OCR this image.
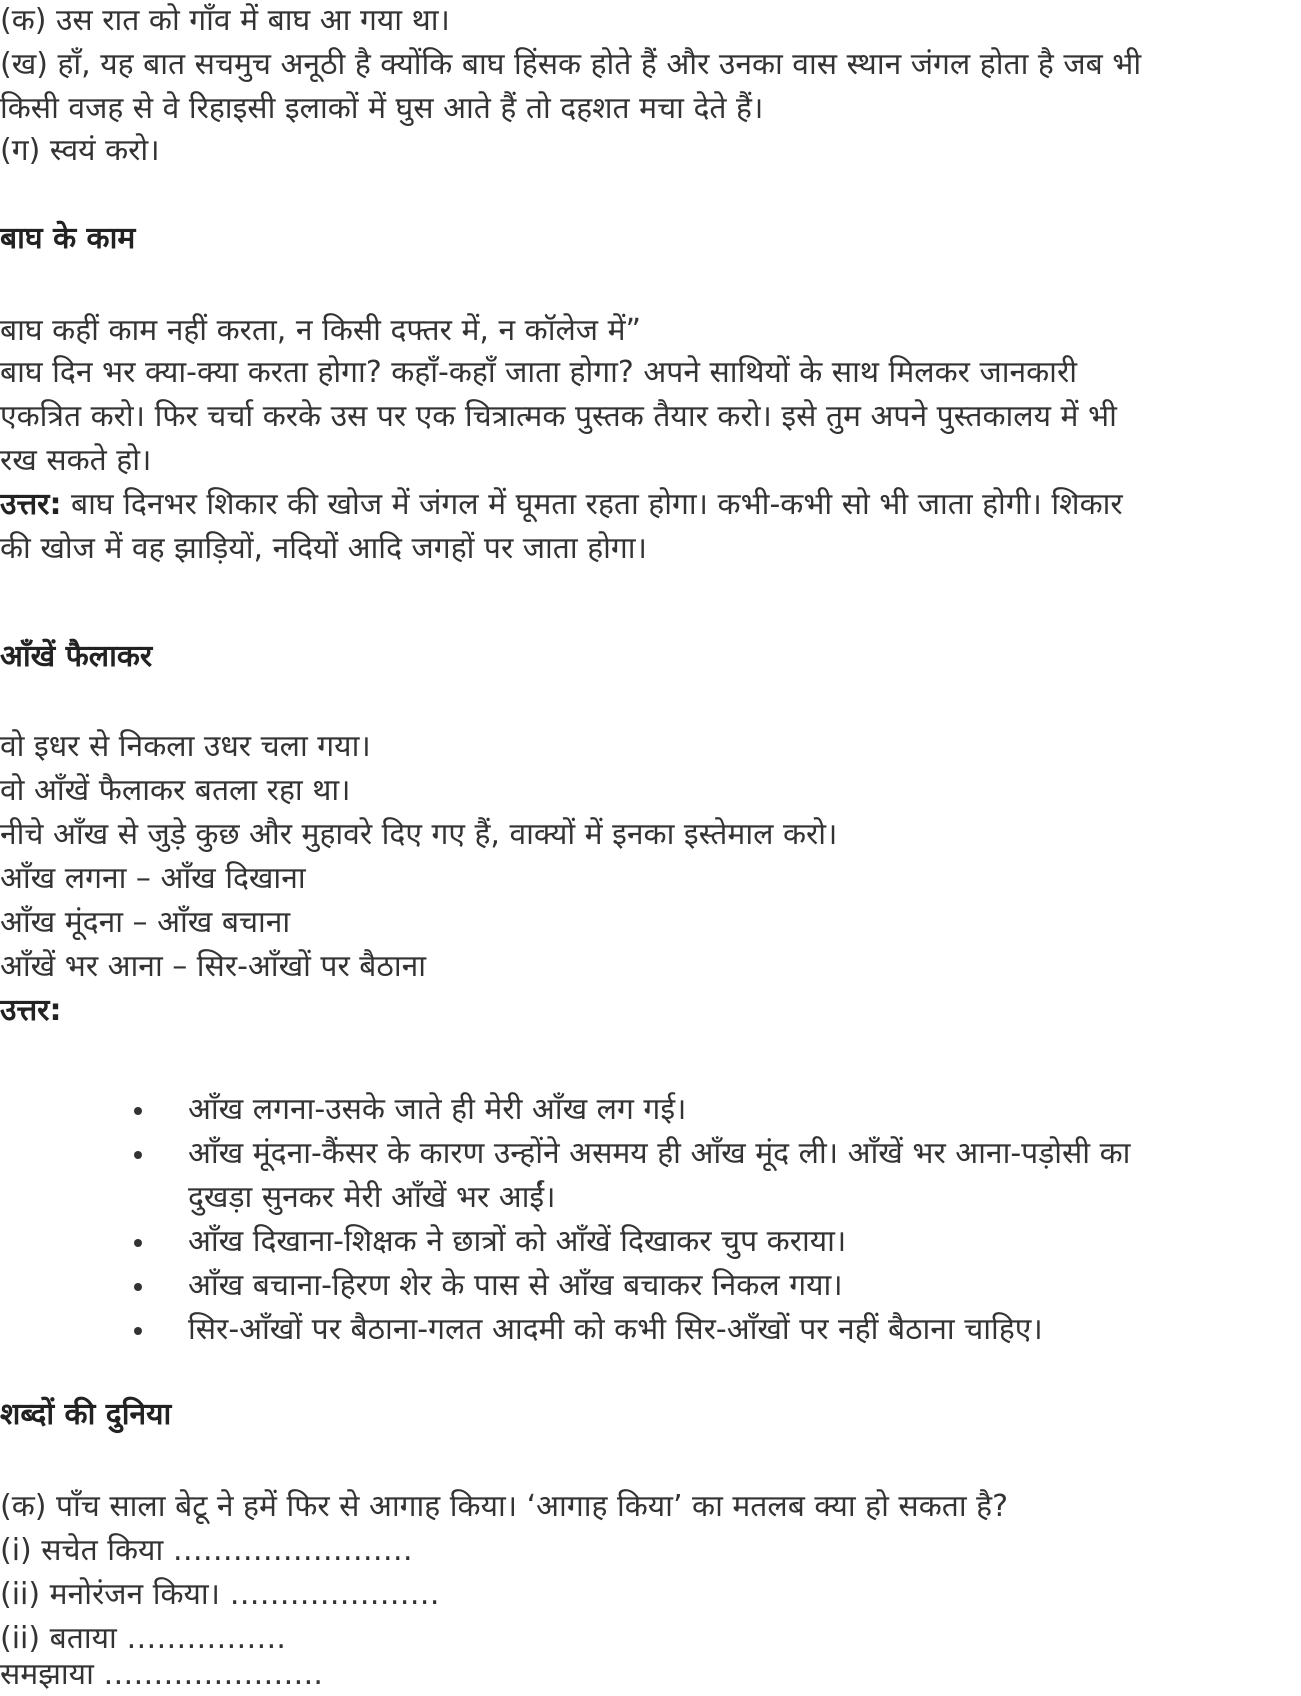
(क) उस रात को गाँव में बाघ आ गया था।
(ख) हाँ, यह बात सचमुच अनूठी है क्योंकि बाघ हिंसक होते हैं और उनका वास स्थान जंगल होता है जब भी
किसी वजह से वे रिहाइसी इलाकों में घुस आते हैं तो दहशत मचा देते हैं।
(ग) स्वयं करो।
बाघ के काम
बाघ कहीं काम नहीं करता, न किसी दफ्तर में, न कॉलेज में”
बाघ दिन भर क्या-क्या करता होगा? कहाँ-कहाँ जाता होगा? अपने साथियों के साथ मिलकर जानकारी
एकत्रित करो। फिर चर्चा करके उस पर एक चित्रात्मक पुस्तक तैयार करो। इसे तुम अपने पुस्तकालय में भी
रख सकते हो।
उत्तर: बाघ दिनभर शिकार की खोज में जंगल में घूमता रहता होगा। कभी-कभी सो भी जाता होगी। शिकार
की खोज में वह झाड़ियों, नदियों आदि जगहों पर जाता होगा।
आँखें फैलाकर
वो इधर से निकला उधर चला गया।
वो आँखें फैलाकर बतला रहा था।
नीचे आँख से जुड़े कुछ और मुहावरे दिए गए हैं, वाक्यों में इनका इस्तेमाल करो।
आँख लगना – आँख दिखाना
आँख मूंदना – आँख बचाना
आँखें भर आना – सिर-आँखों पर बैठाना
उत्तर:
आँख लगना-उसके जाते ही मेरी आँख लग गई।
आँख मूंदना-कैंसर के कारण उन्होंने असमय ही आँख मूंद ली। आँखें भर आना-पड़ोसी का
दुखड़ा सुनकर मेरी आँखें भर आईं।
आँख दिखाना-शिक्षक ने छात्रों को आँखें दिखाकर चुप कराया।
आँख बचाना-हिरण शेर के पास से आँख बचाकर निकल गया।
सिर-आँखों पर बैठाना-गलत आदमी को कभी सिर-आँखों पर नहीं बैठाना चाहिए।
शब्दों की दुनिया
(क) पाँच साला बेटू ने हमें फिर से आगाह किया। ‘आगाह किया’ का मतलब क्या हो सकता है?
(i) सचेत किया ……………………
(ii) मनोरंजन किया। …………………
(ii) बताया …………….
समझाया ………………….
